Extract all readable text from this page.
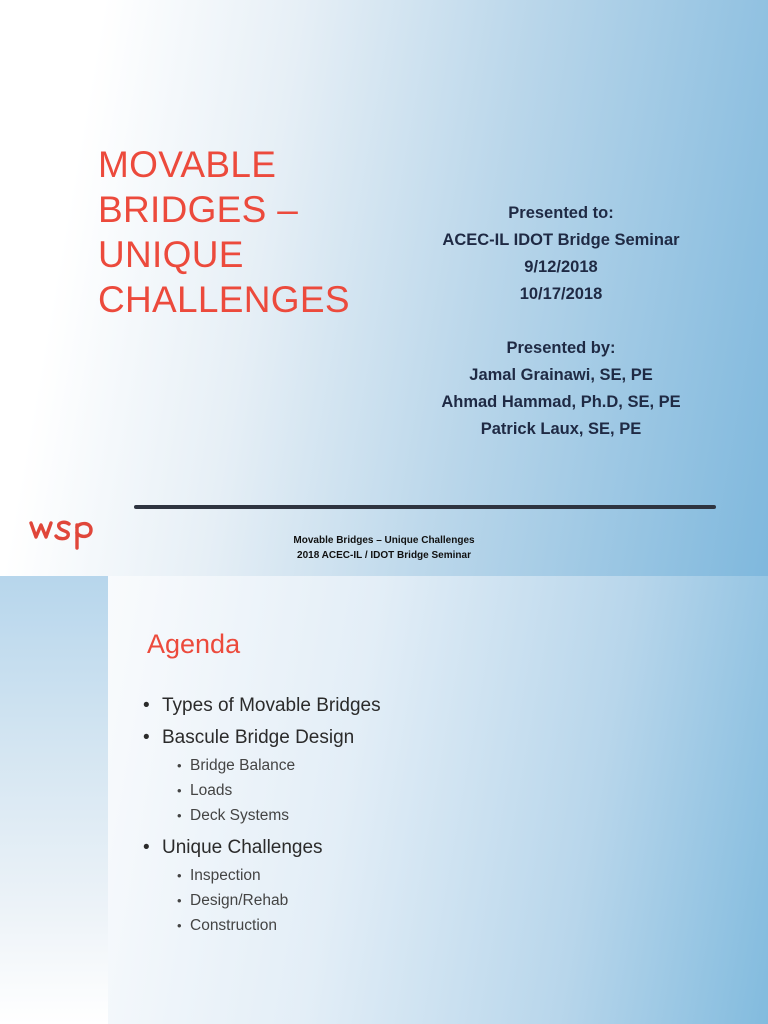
MOVABLE
BRIDGES –
UNIQUE
CHALLENGES
Presented to:
ACEC-IL IDOT Bridge Seminar
9/12/2018
10/17/2018
Presented by:
Jamal Grainawi, SE, PE
Ahmad Hammad, Ph.D, SE, PE
Patrick Laux, SE, PE
Movable Bridges – Unique Challenges
2018 ACEC-IL / IDOT Bridge Seminar
Agenda
• Types of Movable Bridges
• Bascule Bridge Design
• Bridge Balance
• Loads
• Deck Systems
• Unique Challenges
• Inspection
• Design/Rehab
• Construction
